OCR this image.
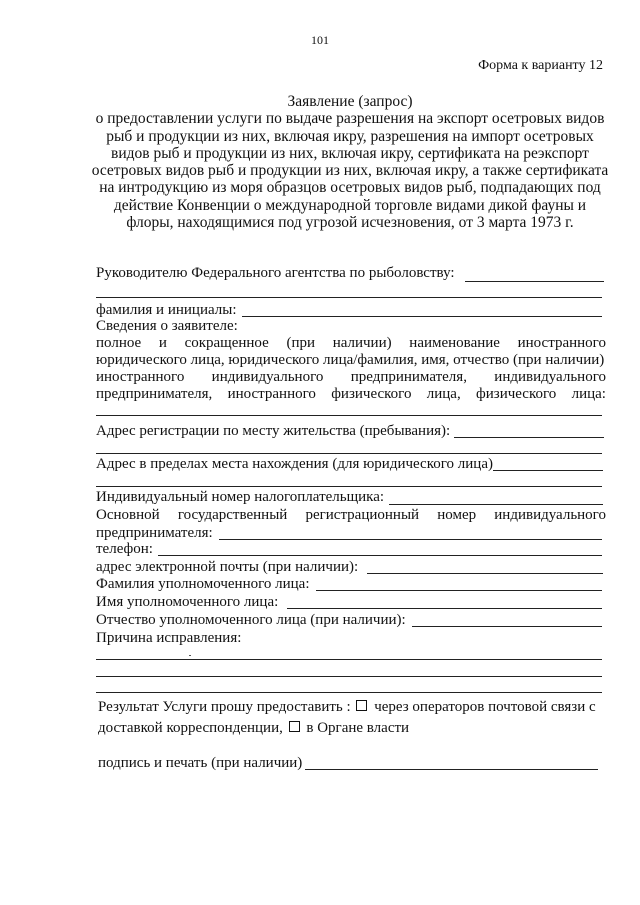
101
Форма к варианту 12
Заявление (запрос)
о предоставлении услуги по выдаче разрешения на экспорт осетровых видов
рыб и продукции из них, включая икру, разрешения на импорт осетровых
видов рыб и продукции из них, включая икру, сертификата на реэкспорт
осетровых видов рыб и продукции из них, включая икру, а также сертификата
на интродукцию из моря образцов осетровых видов рыб, подпадающих под
действие Конвенции о международной торговле видами дикой фауны и
флоры, находящимися под угрозой исчезновения, от 3 марта 1973 г.
Руководителю Федерального агентства по рыболовству:
фамилия и инициалы:
Сведения о заявителе:
полное и сокращенное (при наличии) наименование иностранного
юридического лица, юридического лица/фамилия, имя, отчество (при наличии)
иностранного индивидуального предпринимателя, индивидуального
предпринимателя, иностранного физического лица, физического лица:
Адрес регистрации по месту жительства (пребывания):
Адрес в пределах места нахождения (для юридического лица)
Индивидуальный номер налогоплательщика:
Основной государственный регистрационный номер индивидуального
предпринимателя:
телефон:
адрес электронной почты (при наличии):
Фамилия уполномоченного лица:
Имя уполномоченного лица:
Отчество уполномоченного лица (при наличии):
Причина исправления:
Результат Услуги прошу предоставить : через операторов почтовой связи с
доставкой корреспонденции, в Органе власти
подпись и печать (при наличии)
